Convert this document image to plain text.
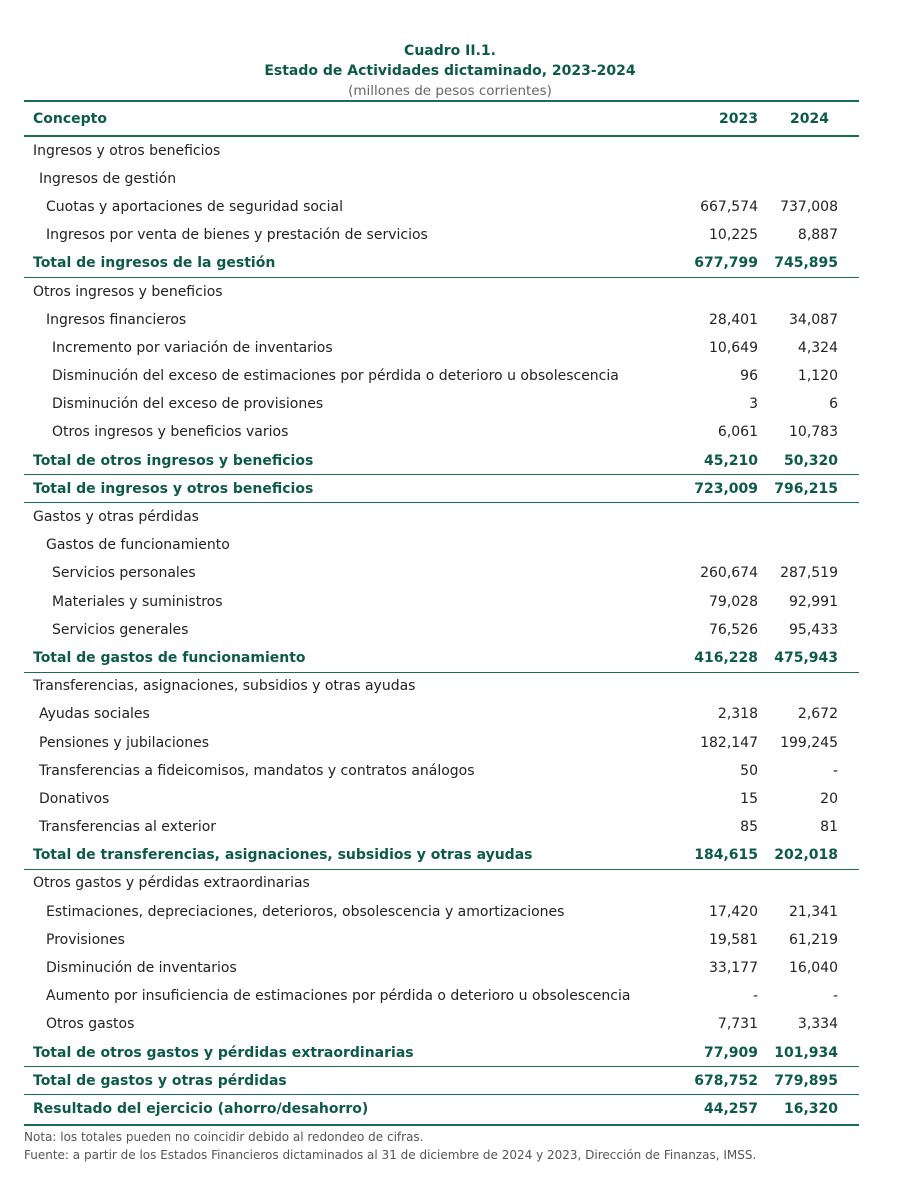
Cuadro II.1.
Estado de Actividades dictaminado, 2023-2024
(millones de pesos corrientes)
Concepto	2023	2024
Ingresos y otros beneficios
Ingresos de gestión
Cuotas y aportaciones de seguridad social	667,574	737,008
Ingresos por venta de bienes y prestación de servicios	10,225	8,887
Total de ingresos de la gestión	677,799	745,895
Otros ingresos y beneficios
Ingresos financieros	28,401	34,087
Incremento por variación de inventarios	10,649	4,324
Disminución del exceso de estimaciones por pérdida o deterioro u obsolescencia	96	1,120
Disminución del exceso de provisiones	3	6
Otros ingresos y beneficios varios	6,061	10,783
Total de otros ingresos y beneficios	45,210	50,320
Total de ingresos y otros beneficios	723,009	796,215
Gastos y otras pérdidas
Gastos de funcionamiento
Servicios personales	260,674	287,519
Materiales y suministros	79,028	92,991
Servicios generales	76,526	95,433
Total de gastos de funcionamiento	416,228	475,943
Transferencias, asignaciones, subsidios y otras ayudas
Ayudas sociales	2,318	2,672
Pensiones y jubilaciones	182,147	199,245
Transferencias a fideicomisos, mandatos y contratos análogos	50	-
Donativos	15	20
Transferencias al exterior	85	81
Total de transferencias, asignaciones, subsidios y otras ayudas	184,615	202,018
Otros gastos y pérdidas extraordinarias
Estimaciones, depreciaciones, deterioros, obsolescencia y amortizaciones	17,420	21,341
Provisiones	19,581	61,219
Disminución de inventarios	33,177	16,040
Aumento por insuficiencia de estimaciones por pérdida o deterioro u obsolescencia	-	-
Otros gastos	7,731	3,334
Total de otros gastos y pérdidas extraordinarias	77,909	101,934
Total de gastos y otras pérdidas	678,752	779,895
Resultado del ejercicio (ahorro/desahorro)	44,257	16,320
Nota: los totales pueden no coincidir debido al redondeo de cifras.
Fuente: a partir de los Estados Financieros dictaminados al 31 de diciembre de 2024 y 2023, Dirección de Finanzas, IMSS.
